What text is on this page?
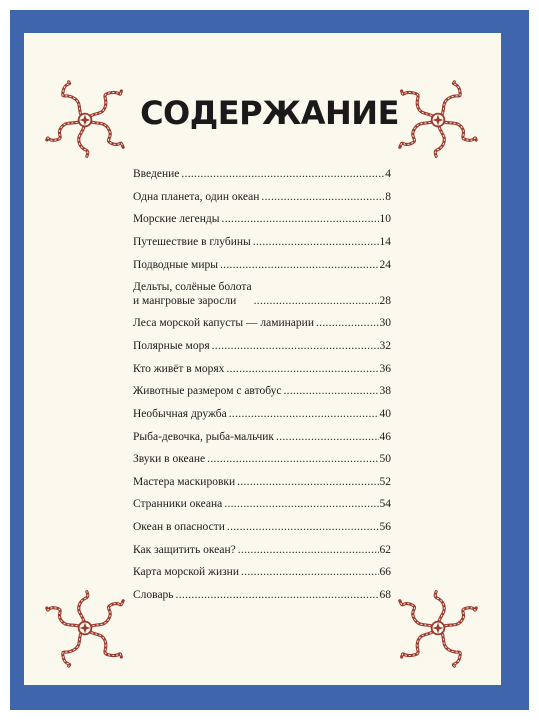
СОДЕРЖАНИЕ
Введение .....	4
Одна планета, один океан .....	8
Морские легенды .....	10
Путешествие в глубины .....	14
Подводные миры .....	24
Дельты, солёные болота
и мангровые заросли .....	28
Леса морской капусты — ламинарии .....	30
Полярные моря .....	32
Кто живёт в морях .....	36
Животные размером с автобус .....	38
Необычная дружба .....	40
Рыба-девочка, рыба-мальчик .....	46
Звуки в океане .....	50
Мастера маскировки .....	52
Странники океана .....	54
Океан в опасности .....	56
Как защитить океан? .....	62
Карта морской жизни .....	66
Словарь .....	68
